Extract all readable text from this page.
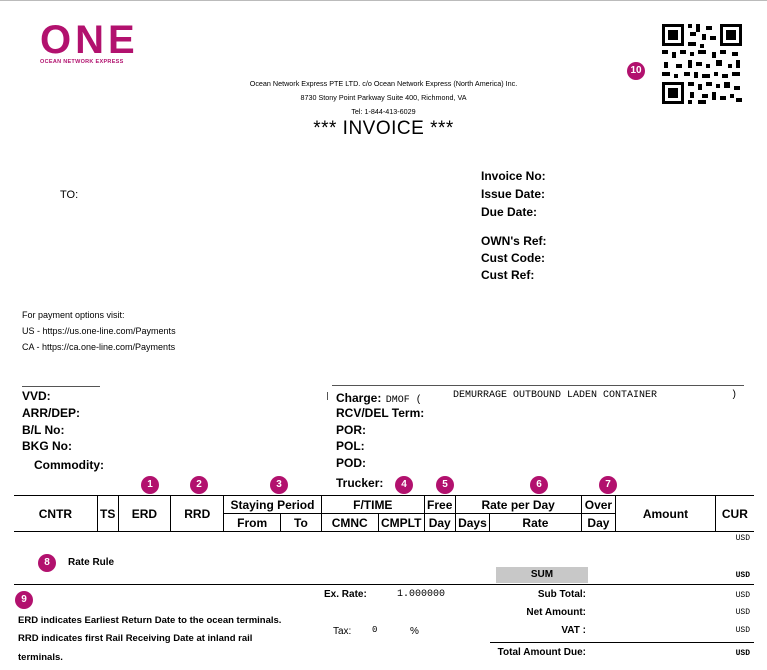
O N E
OCEAN NETWORK EXPRESS
Ocean Network Express PTE LTD. c/o Ocean Network Express (North America) Inc.
8730 Stony Point Parkway Suite 400, Richmond, VA
Tel: 1-844-413-6029
*** INVOICE ***
10
TO:
Invoice No:
Issue Date:
Due Date:
OWN's Ref:
Cust Code:
Cust Ref:
For payment options visit:
US - https://us.one-line.com/Payments
CA - https://ca.one-line.com/Payments
VVD:
ARR/DEP:
B/L No:
BKG No:
Commodity:
Charge: DMOF (	DEMURRAGE OUTBOUND LADEN CONTAINER	)
RCV/DEL Term:
POR:
POL:
POD:
Trucker:
1	2	3	4	5	6	7
CNTR	TS	ERD	RRD	Staying Period		F/TIME		Free	Rate per Day		Over	Amount	CUR
				From	To	CMNC	CMPLT	Day	Days	Rate	Day		
USD
8	Rate Rule
SUM	USD
9	Ex. Rate:	1.000000
Tax: 0	%
Sub Total:	USD
Net Amount:	USD
VAT :	USD
Total Amount Due:	USD
ERD indicates Earliest Return Date to the ocean terminals.
RRD indicates first Rail Receiving Date at inland rail
terminals.
